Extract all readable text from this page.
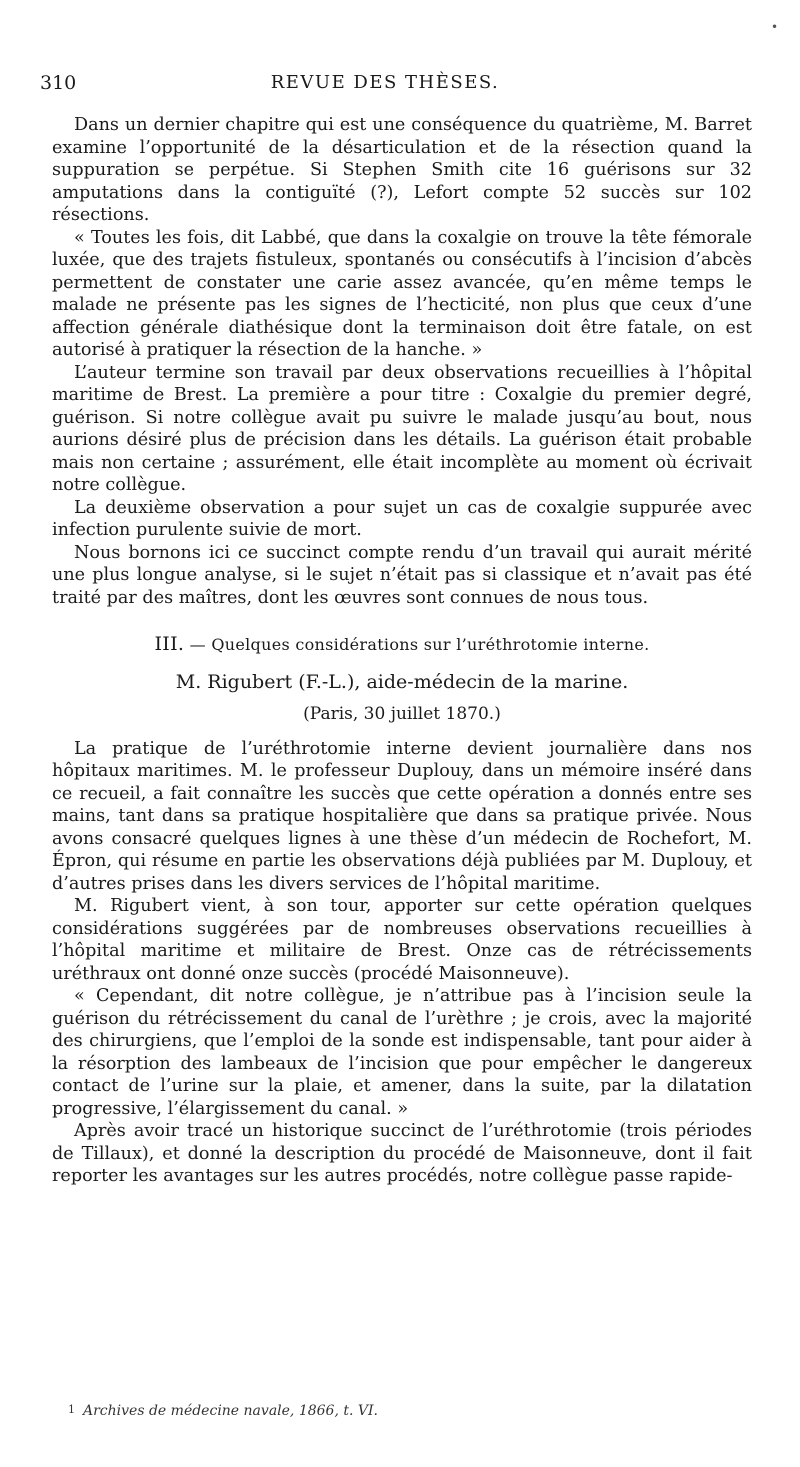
•
310	REVUE DES THÈSES.

Dans un dernier chapitre qui est une conséquence du quatrième, M. Barret examine l’opportunité de la désarticulation et de la résection quand la suppuration se perpétue. Si Stephen Smith cite 16 guérisons sur 32 amputations dans la contiguïté (?), Lefort compte 52 succès sur 102 résections.

« Toutes les fois, dit Labbé, que dans la coxalgie on trouve la tête fémorale luxée, que des trajets fistuleux, spontanés ou consécutifs à l’incision d’abcès permettent de constater une carie assez avancée, qu’en même temps le malade ne présente pas les signes de l’hecticité, non plus que ceux d’une affection générale diathésique dont la terminaison doit être fatale, on est autorisé à pratiquer la résection de la hanche. »

L’auteur termine son travail par deux observations recueillies à l’hôpital maritime de Brest. La première a pour titre : Coxalgie du premier degré, guérison. Si notre collègue avait pu suivre le malade jusqu’au bout, nous aurions désiré plus de précision dans les détails. La guérison était probable mais non certaine ; assurément, elle était incomplète au moment où écrivait notre collègue.

La deuxième observation a pour sujet un cas de coxalgie suppurée avec infection purulente suivie de mort.

Nous bornons ici ce succinct compte rendu d’un travail qui aurait mérité une plus longue analyse, si le sujet n’était pas si classique et n’avait pas été traité par des maîtres, dont les œuvres sont connues de nous tous.

III. — Quelques considérations sur l’uréthrotomie interne.
M. Rigubert (F.-L.), aide-médecin de la marine.
(Paris, 30 juillet 1870.)

La pratique de l’uréthrotomie interne devient journalière dans nos hôpitaux maritimes. M. le professeur Duplouy, dans un mémoire inséré dans ce recueil, a fait connaître les succès que cette opération a donnés entre ses mains, tant dans sa pratique hospitalière que dans sa pratique privée. Nous avons consacré quelques lignes à une thèse d’un médecin de Rochefort, M. Épron, qui résume en partie les observations déjà publiées par M. Duplouy, et d’autres prises dans les divers services de l’hôpital maritime.

M. Rigubert vient, à son tour, apporter sur cette opération quelques considérations suggérées par de nombreuses observations recueillies à l’hôpital maritime et militaire de Brest. Onze cas de rétrécissements uréthraux ont donné onze succès (procédé Maisonneuve).

« Cependant, dit notre collègue, je n’attribue pas à l’incision seule la guérison du rétrécissement du canal de l’urèthre ; je crois, avec la majorité des chirurgiens, que l’emploi de la sonde est indispensable, tant pour aider à la résorption des lambeaux de l’incision que pour empêcher le dangereux contact de l’urine sur la plaie, et amener, dans la suite, par la dilatation progressive, l’élargissement du canal. »

Après avoir tracé un historique succinct de l’uréthrotomie (trois périodes de Tillaux), et donné la description du procédé de Maisonneuve, dont il fait reporter les avantages sur les autres procédés, notre collègue passe rapide-

$^1$ Archives de médecine navale, 1866, t. VI.
